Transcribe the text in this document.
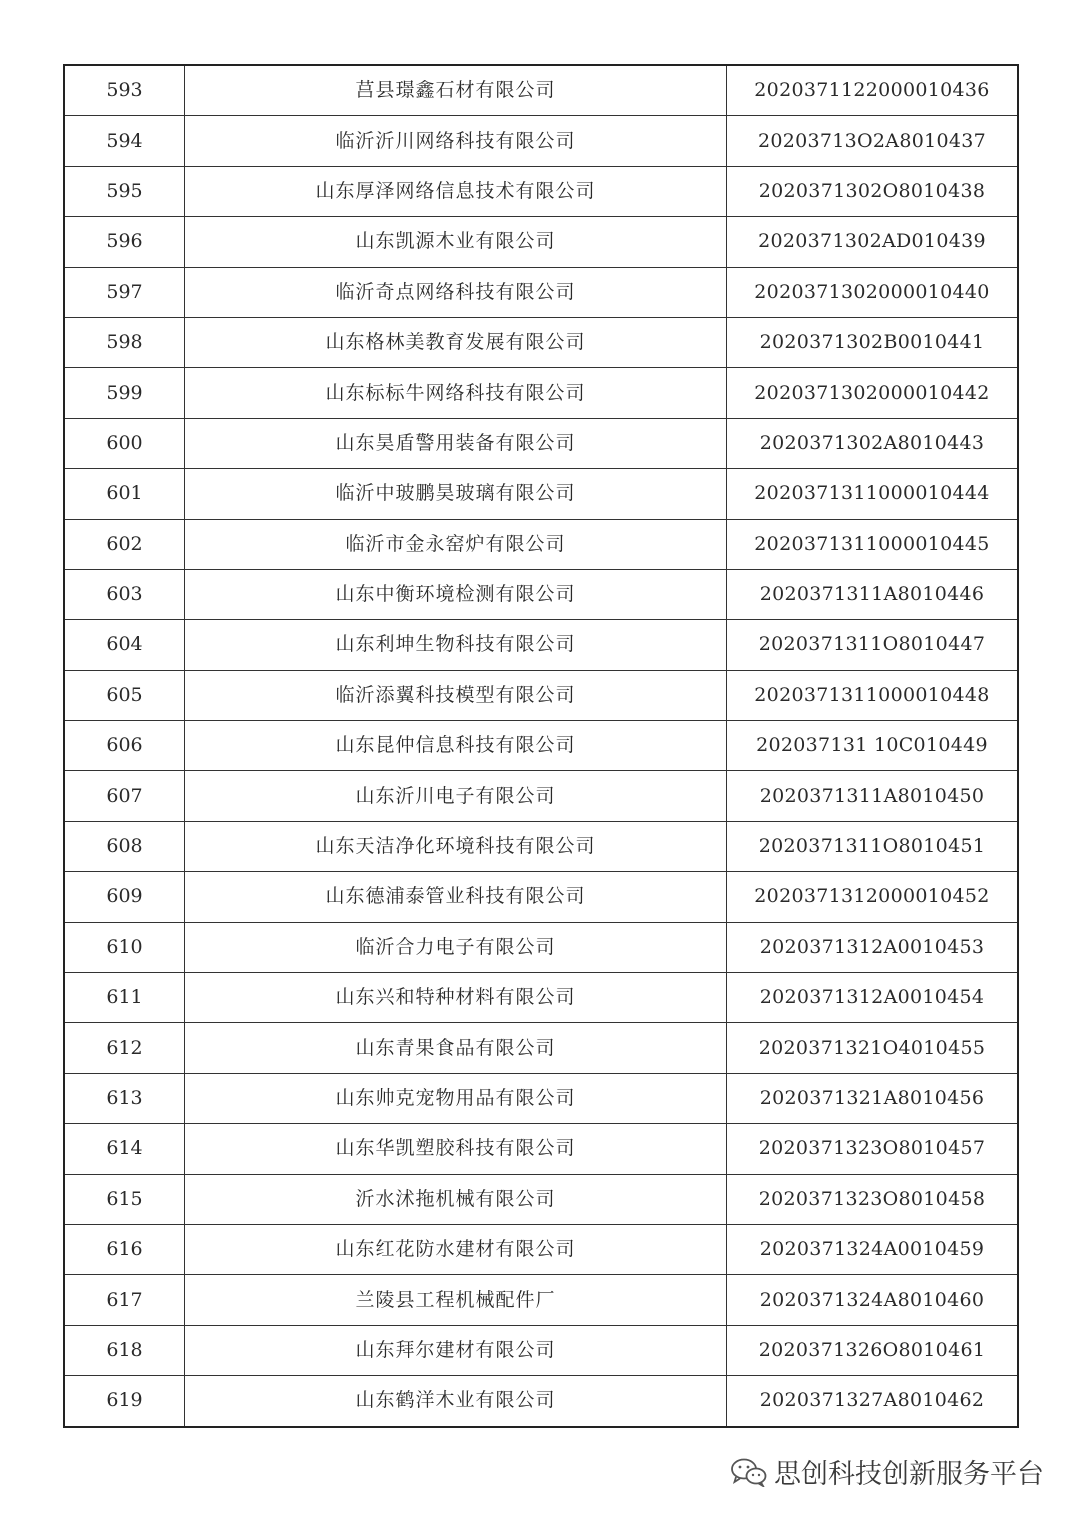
593	莒县璟鑫石材有限公司	2020371122000010436
594	临沂沂川网络科技有限公司	20203713O2A8010437
595	山东厚泽网络信息技术有限公司	2020371302O8010438
596	山东凯源木业有限公司	2020371302AD010439
597	临沂奇点网络科技有限公司	2020371302000010440
598	山东格林美教育发展有限公司	2020371302B0010441
599	山东标标牛网络科技有限公司	2020371302000010442
600	山东昊盾警用装备有限公司	2020371302A8010443
601	临沂中玻鹏昊玻璃有限公司	2020371311000010444
602	临沂市金永窑炉有限公司	2020371311000010445
603	山东中衡环境检测有限公司	2020371311A8010446
604	山东利坤生物科技有限公司	2020371311O8010447
605	临沂添翼科技模型有限公司	2020371311000010448
606	山东昆仲信息科技有限公司	202037131 10C010449
607	山东沂川电子有限公司	2020371311A8010450
608	山东天洁净化环境科技有限公司	2020371311O8010451
609	山东德浦泰管业科技有限公司	2020371312000010452
610	临沂合力电子有限公司	2020371312A0010453
611	山东兴和特种材料有限公司	2020371312A0010454
612	山东青果食品有限公司	2020371321O4010455
613	山东帅克宠物用品有限公司	2020371321A8010456
614	山东华凯塑胶科技有限公司	2020371323O8010457
615	沂水沭拖机械有限公司	2020371323O8010458
616	山东红花防水建材有限公司	2020371324A0010459
617	兰陵县工程机械配件厂	2020371324A8010460
618	山东拜尔建材有限公司	2020371326O8010461
619	山东鹤洋木业有限公司	2020371327A8010462
思创科技创新服务平台
